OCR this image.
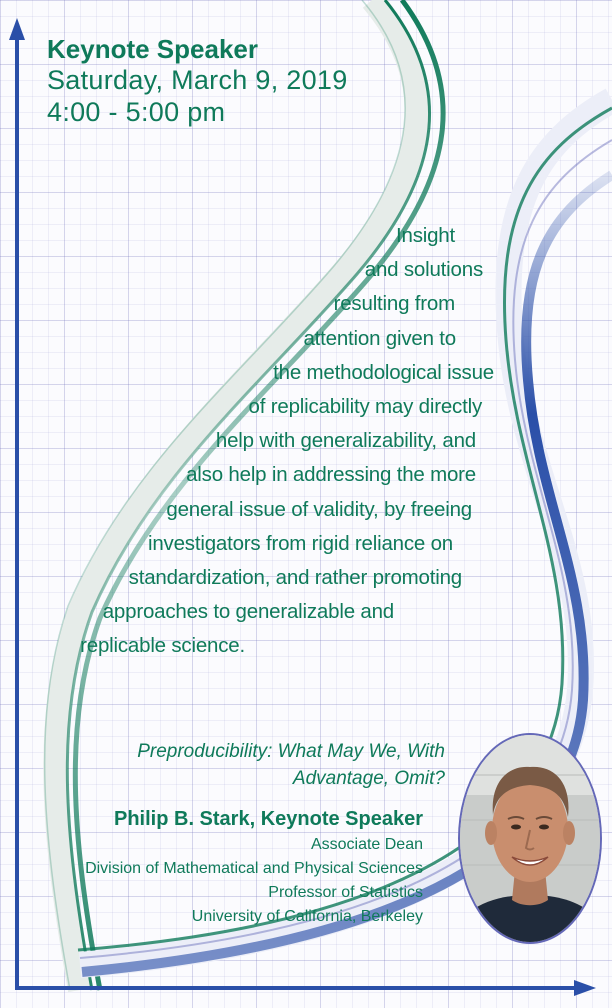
Keynote Speaker
Saturday, March 9, 2019
4:00 - 5:00 pm
Insight
and solutions
resulting from
attention given to
the methodological issue
of replicability may directly
help with generalizability, and
also help in addressing the more
general issue of validity, by freeing
investigators from rigid reliance on
standardization, and rather promoting
approaches to generalizable and
replicable science.
Preproducibility: What May We, With
Advantage, Omit?
Philip B. Stark, Keynote Speaker
Associate Dean
Division of Mathematical and Physical Sciences
Professor of Statistics
University of California, Berkeley
